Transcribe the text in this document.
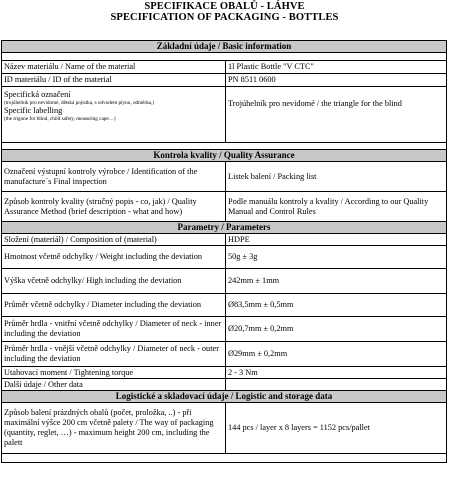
SPECIFIKACE OBALŮ - LÁHVE
SPECIFICATION OF PACKAGING - BOTTLES
Základní údaje / Basic information	

Název materiálu / Name of the material	1l Plastic Bottle "V CTC"
ID materiálu / ID of the material	PN 8511 0600
Specifická označení
(trojúhelník pro nevidomé, dětská pojistka, s odvodem plynu, odměrka,)
Specific labelling
(the trigone for blind, child safety, measuring cape…)	Trojúhelník pro nevidomé / the triangle for the blind

Kontrola kvality / Quality Assurance	
Označení výstupní kontroly výrobce / Identification of the manufacture´s Final inspection	Listek balení / Packing list
Způsob kontroly kvality (stručný popis - co, jak) / Quality Assurance Method (brief description - what and how)	Podle manuálu kontroly a kvality / According to our Quality Manual and Control Rules
Parametry / Parameters	
Složení (materiál) / Composition of (material)	HDPE
Hmotnost včetně odchylky / Weight including the deviation	50g ± 3g
Výška včetně odchylky/ High including the deviation	242mm ± 1mm
Průměr včetně odchylky / Diameter including the deviation	Ø83,5mm ± 0,5mm
Průměr hrdla - vnitřní včetně odchylky / Diameter of neck - inner including the deviation	Ø20,7mm ± 0,2mm
Průměr hrdla - vnější včetně odchylky / Diameter of neck - outer including the deviation	Ø29mm ± 0,2mm
Utahovací moment / Tightening torque	2 - 3 Nm
Další údaje / Other data	
Logistické a skladovací údaje / Logistic and storage data	
Způsob balení prázdných obalů (počet, proložka, ..) - při maximální výšce 200 cm včetně palety / The way of packaging (quantity, reglet, …) - maximum height 200 cm, including the palett	144 pcs / layer x 8 layers = 1152 pcs/pallet
